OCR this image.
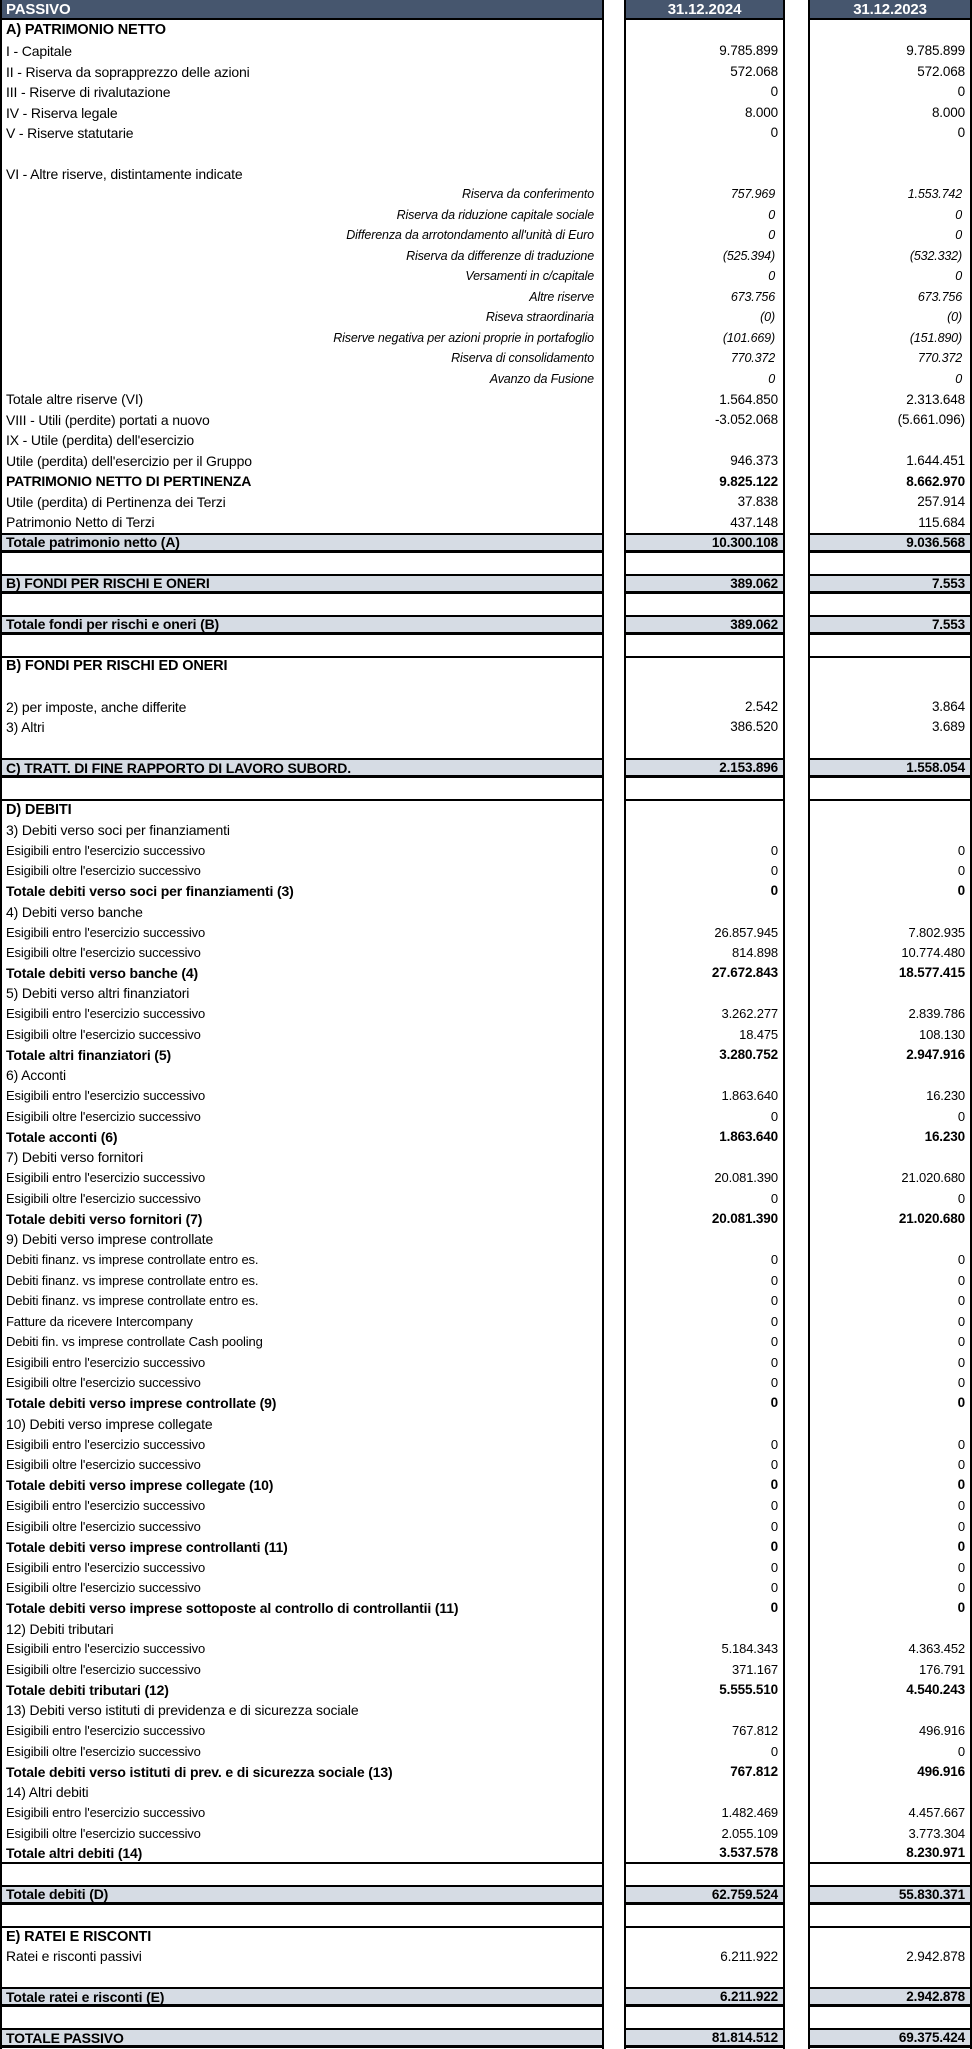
PASSIVO
A) PATRIMONIO NETTO
I - Capitale
II - Riserva da soprapprezzo delle azioni
III - Riserve di rivalutazione
IV - Riserva legale
V - Riserve statutarie
VI - Altre riserve, distintamente indicate
Riserva da conferimento
Riserva da riduzione capitale sociale
Differenza da arrotondamento all'unità di Euro
Riserva da differenze di traduzione
Versamenti in c/capitale
Altre riserve
Riseva straordinaria
Riserve negativa per azioni proprie in portafoglio
Riserva di consolidamento
Avanzo da Fusione
Totale altre riserve (VI)
VIII - Utili (perdite) portati a nuovo
IX - Utile (perdita) dell'esercizio
Utile (perdita) dell'esercizio per il Gruppo
PATRIMONIO NETTO DI PERTINENZA
Utile (perdita) di Pertinenza dei Terzi
Patrimonio Netto di Terzi
Totale patrimonio netto (A)
B) FONDI PER RISCHI E ONERI
Totale fondi per rischi e oneri (B)
B) FONDI PER RISCHI ED ONERI
2) per imposte, anche differite
3) Altri
C) TRATT. DI FINE RAPPORTO DI LAVORO SUBORD.
D) DEBITI
3) Debiti verso soci per finanziamenti
Esigibili entro l'esercizio successivo
Esigibili oltre l'esercizio successivo
Totale debiti verso soci per finanziamenti (3)
4) Debiti verso banche
Esigibili entro l'esercizio successivo
Esigibili oltre l'esercizio successivo
Totale debiti verso banche (4)
5) Debiti verso altri finanziatori
Esigibili entro l'esercizio successivo
Esigibili oltre l'esercizio successivo
Totale altri finanziatori (5)
6) Acconti
Esigibili entro l'esercizio successivo
Esigibili oltre l'esercizio successivo
Totale acconti (6)
7) Debiti verso fornitori
Esigibili entro l'esercizio successivo
Esigibili oltre l'esercizio successivo
Totale debiti verso fornitori (7)
9) Debiti verso imprese controllate
Debiti finanz. vs imprese controllate entro es.
Debiti finanz. vs imprese controllate entro es.
Debiti finanz. vs imprese controllate entro es.
Fatture da ricevere Intercompany
Debiti fin. vs imprese controllate Cash pooling
Esigibili entro l'esercizio successivo
Esigibili oltre l'esercizio successivo
Totale debiti verso imprese controllate (9)
10) Debiti verso imprese collegate
Esigibili entro l'esercizio successivo
Esigibili oltre l'esercizio successivo
Totale debiti verso imprese collegate (10)
Esigibili entro l'esercizio successivo
Esigibili oltre l'esercizio successivo
Totale debiti verso imprese controllanti (11)
Esigibili entro l'esercizio successivo
Esigibili oltre l'esercizio successivo
Totale debiti verso imprese sottoposte al controllo di controllantii (11)
12) Debiti tributari
Esigibili entro l'esercizio successivo
Esigibili oltre l'esercizio successivo
Totale debiti tributari (12)
13) Debiti verso istituti di previdenza e di sicurezza sociale
Esigibili entro l'esercizio successivo
Esigibili oltre l'esercizio successivo
Totale debiti verso istituti di prev. e di sicurezza sociale (13)
14) Altri debiti
Esigibili entro l'esercizio successivo
Esigibili oltre l'esercizio successivo
Totale altri debiti (14)
Totale debiti (D)
E) RATEI E RISCONTI
Ratei e risconti passivi
Totale ratei e risconti (E)
TOTALE PASSIVO
31.12.2024
9.785.899
572.068
0
8.000
0
757.969
0
0
(525.394)
0
673.756
(0)
(101.669)
770.372
0
1.564.850
-3.052.068
946.373
9.825.122
37.838
437.148
10.300.108
389.062
389.062
2.542
386.520
2.153.896
0
0
0
26.857.945
814.898
27.672.843
3.262.277
18.475
3.280.752
1.863.640
0
1.863.640
20.081.390
0
20.081.390
0
0
0
0
0
0
0
0
0
0
0
0
0
0
0
0
0
5.184.343
371.167
5.555.510
767.812
0
767.812
1.482.469
2.055.109
3.537.578
62.759.524
6.211.922
6.211.922
81.814.512
31.12.2023
9.785.899
572.068
0
8.000
0
1.553.742
0
0
(532.332)
0
673.756
(0)
(151.890)
770.372
0
2.313.648
(5.661.096)
1.644.451
8.662.970
257.914
115.684
9.036.568
7.553
7.553
3.864
3.689
1.558.054
0
0
0
7.802.935
10.774.480
18.577.415
2.839.786
108.130
2.947.916
16.230
0
16.230
21.020.680
0
21.020.680
0
0
0
0
0
0
0
0
0
0
0
0
0
0
0
0
0
4.363.452
176.791
4.540.243
496.916
0
496.916
4.457.667
3.773.304
8.230.971
55.830.371
2.942.878
2.942.878
69.375.424
